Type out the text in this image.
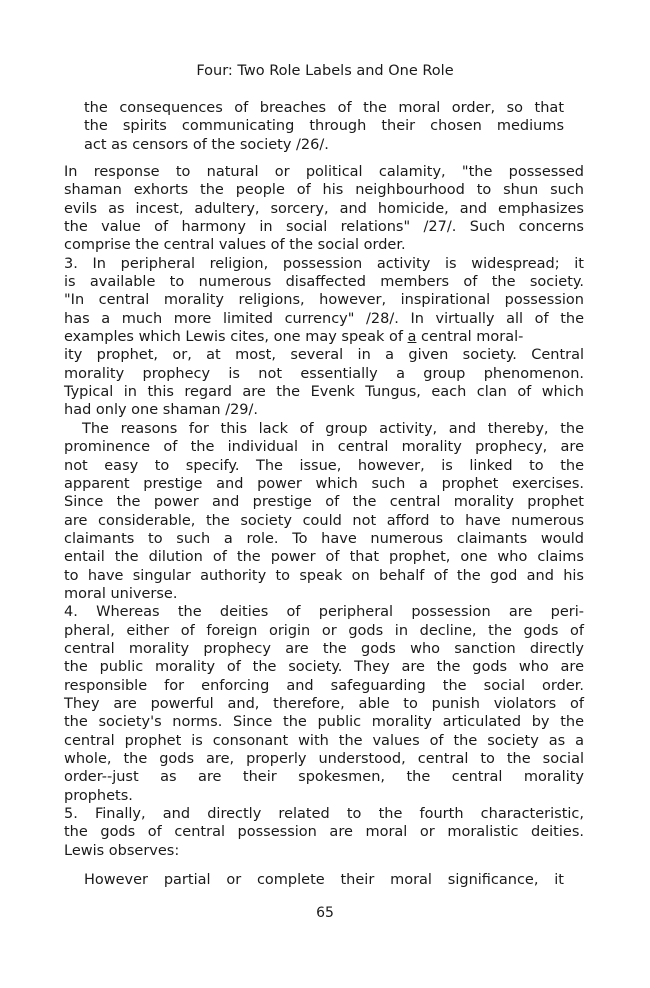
Four: Two Role Labels and One Role
the consequences of breaches of the moral order, so that
the spirits communicating through their chosen mediums
act as censors of the society /26/.
In response to natural or political calamity, "the possessed
shaman exhorts the people of his neighbourhood to shun such
evils as incest, adultery, sorcery, and homicide, and emphasizes
the value of harmony in social relations" /27/. Such concerns
comprise the central values of the social order.
3. In peripheral religion, possession activity is widespread; it
is available to numerous disaffected members of the society.
"In central morality religions, however, inspirational possession
has a much more limited currency" /28/. In virtually all of the
examples which Lewis cites, one may speak of a central moral-
ity prophet, or, at most, several in a given society. Central
morality prophecy is not essentially a group phenomenon.
Typical in this regard are the Evenk Tungus, each clan of which
had only one shaman /29/.
The reasons for this lack of group activity, and thereby, the
prominence of the individual in central morality prophecy, are
not easy to specify. The issue, however, is linked to the
apparent prestige and power which such a prophet exercises.
Since the power and prestige of the central morality prophet
are considerable, the society could not afford to have numerous
claimants to such a role. To have numerous claimants would
entail the dilution of the power of that prophet, one who claims
to have singular authority to speak on behalf of the god and his
moral universe.
4. Whereas the deities of peripheral possession are peri-
pheral, either of foreign origin or gods in decline, the gods of
central morality prophecy are the gods who sanction directly
the public morality of the society. They are the gods who are
responsible for enforcing and safeguarding the social order.
They are powerful and, therefore, able to punish violators of
the society's norms. Since the public morality articulated by the
central prophet is consonant with the values of the society as a
whole, the gods are, properly understood, central to the social
order--just as are their spokesmen, the central morality
prophets.
5. Finally, and directly related to the fourth characteristic,
the gods of central possession are moral or moralistic deities.
Lewis observes:
However partial or complete their moral significance, it
65
